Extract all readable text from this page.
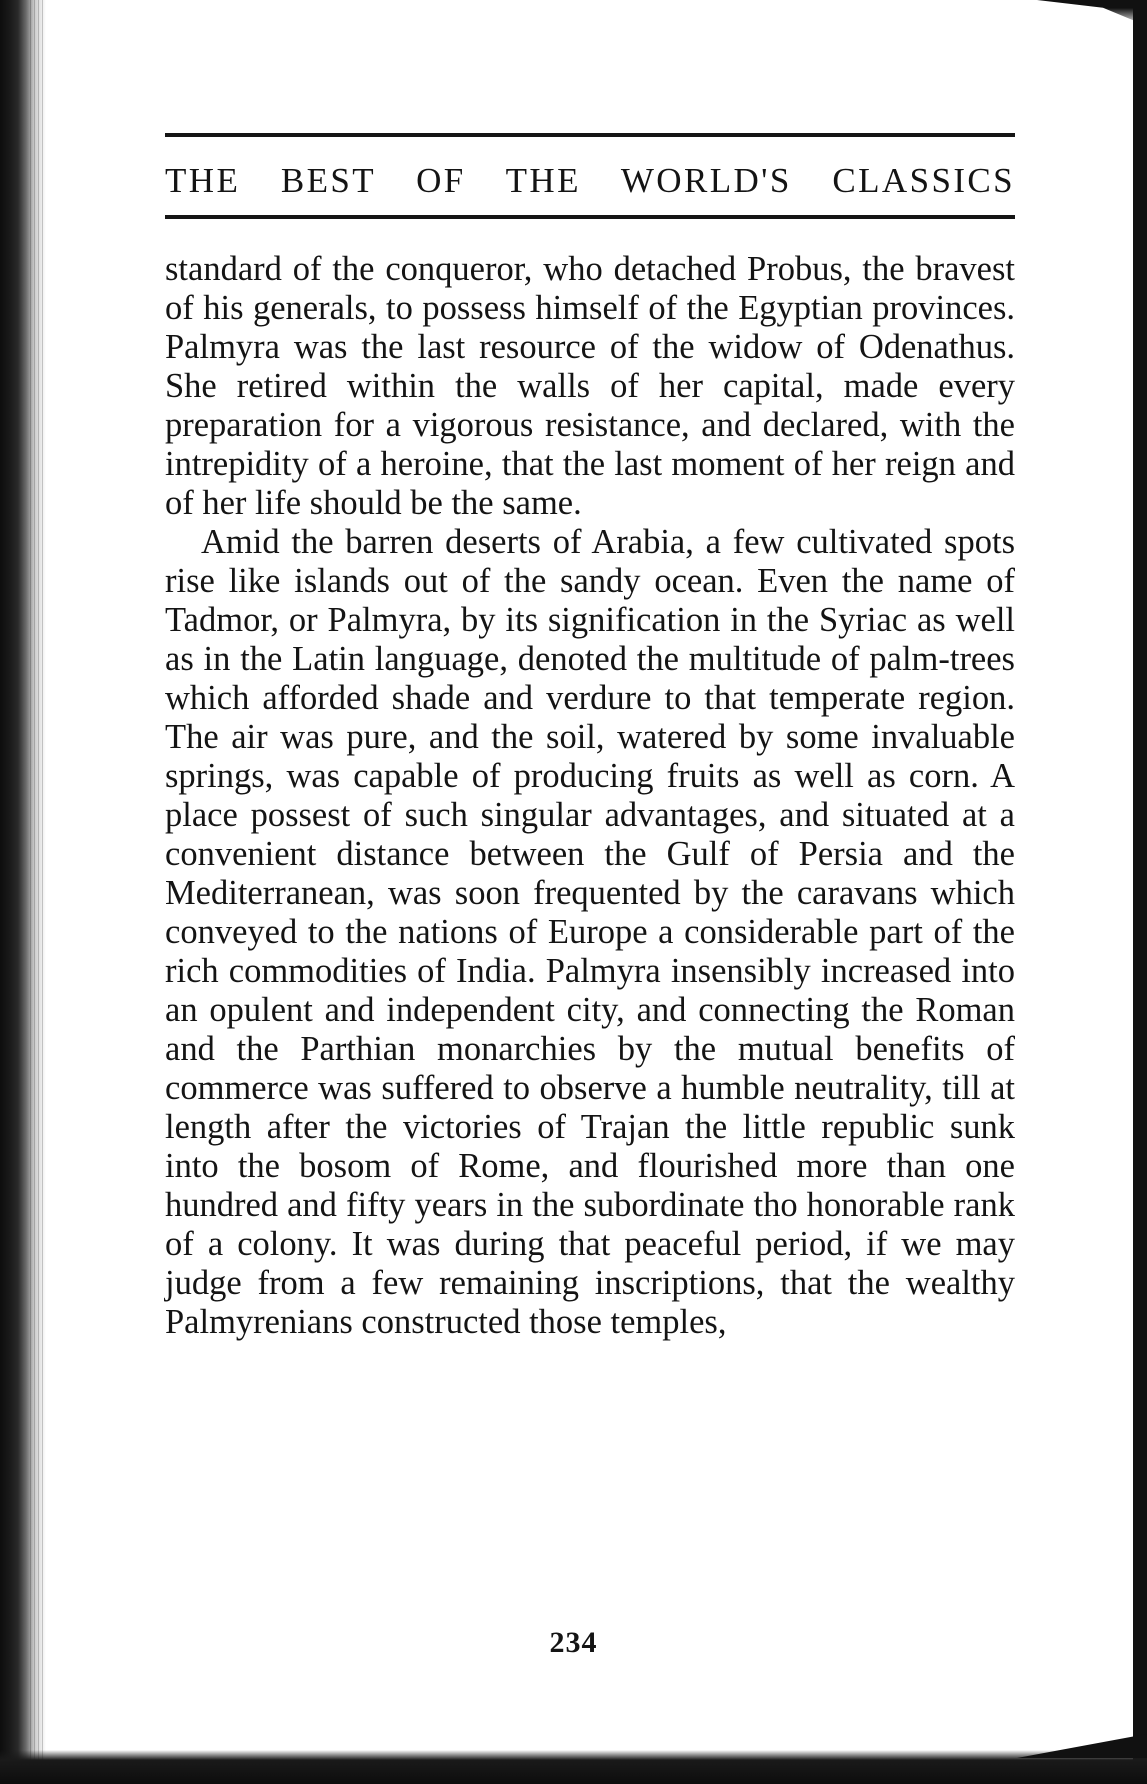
THE BEST OF THE WORLD'S CLASSICS

standard of the conqueror, who detached Probus, the bravest of his generals, to possess himself of the Egyptian provinces. Palmyra was the last resource of the widow of Odenathus. She retired within the walls of her capital, made every preparation for a vigorous resistance, and declared, with the intrepidity of a heroine, that the last moment of her reign and of her life should be the same.

Amid the barren deserts of Arabia, a few cultivated spots rise like islands out of the sandy ocean. Even the name of Tadmor, or Palmyra, by its signification in the Syriac as well as in the Latin language, denoted the multitude of palm-trees which afforded shade and verdure to that temperate region. The air was pure, and the soil, watered by some invaluable springs, was capable of producing fruits as well as corn. A place possest of such singular advantages, and situated at a convenient distance between the Gulf of Persia and the Mediterranean, was soon frequented by the caravans which conveyed to the nations of Europe a considerable part of the rich commodities of India. Palmyra insensibly increased into an opulent and independent city, and connecting the Roman and the Parthian monarchies by the mutual benefits of commerce was suffered to observe a humble neutrality, till at length after the victories of Trajan the little republic sunk into the bosom of Rome, and flourished more than one hundred and fifty years in the subordinate tho honorable rank of a colony. It was during that peaceful period, if we may judge from a few remaining inscriptions, that the wealthy Palmyrenians constructed those temples,

234
